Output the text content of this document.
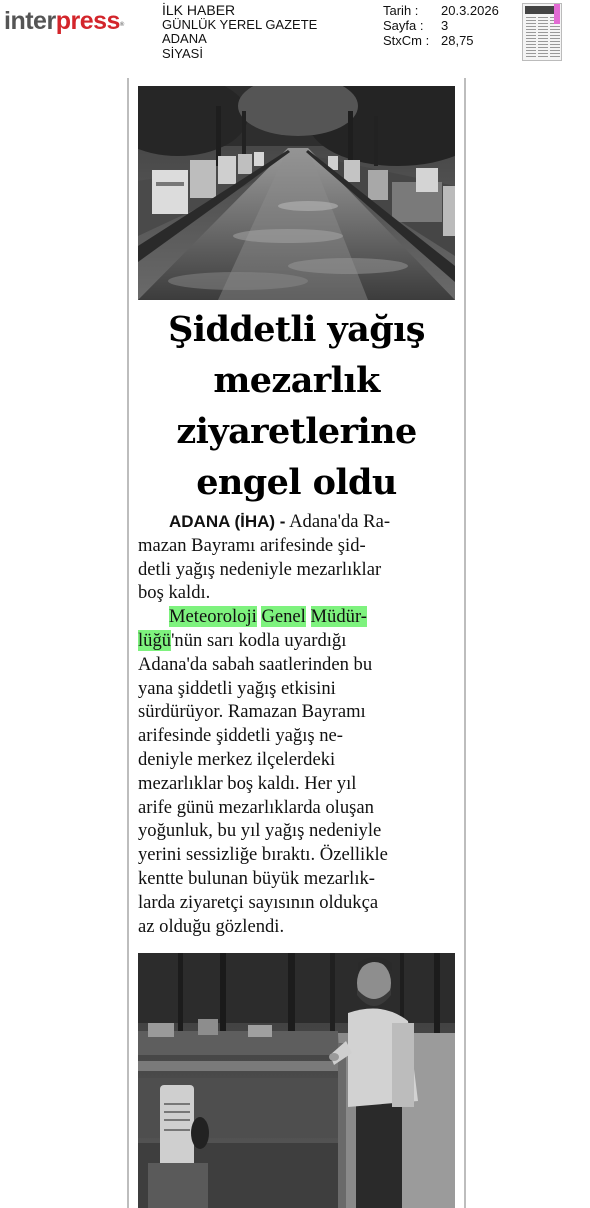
interpress®
İLK HABER
GÜNLÜK YEREL GAZETE
ADANA
SİYASİ
Tarih :	20.3.2026
Sayfa :	3
StxCm : 28,75
Şiddetli yağış
mezarlık
ziyaretlerine
engel oldu
ADANA (İHA) - Adana'da Ra-
mazan Bayramı arifesinde şid-
detli yağış nedeniyle mezarlıklar
boş kaldı.
Meteoroloji Genel Müdür-
lüğü'nün sarı kodla uyardığı
Adana'da sabah saatlerinden bu
yana şiddetli yağış etkisini
sürdürüyor. Ramazan Bayramı
arifesinde şiddetli yağış ne-
deniyle merkez ilçelerdeki
mezarlıklar boş kaldı. Her yıl
arife günü mezarlıklarda oluşan
yoğunluk, bu yıl yağış nedeniyle
yerini sessizliğe bıraktı. Özellikle
kentte bulunan büyük mezarlık-
larda ziyaretçi sayısının oldukça
az olduğu gözlendi.
